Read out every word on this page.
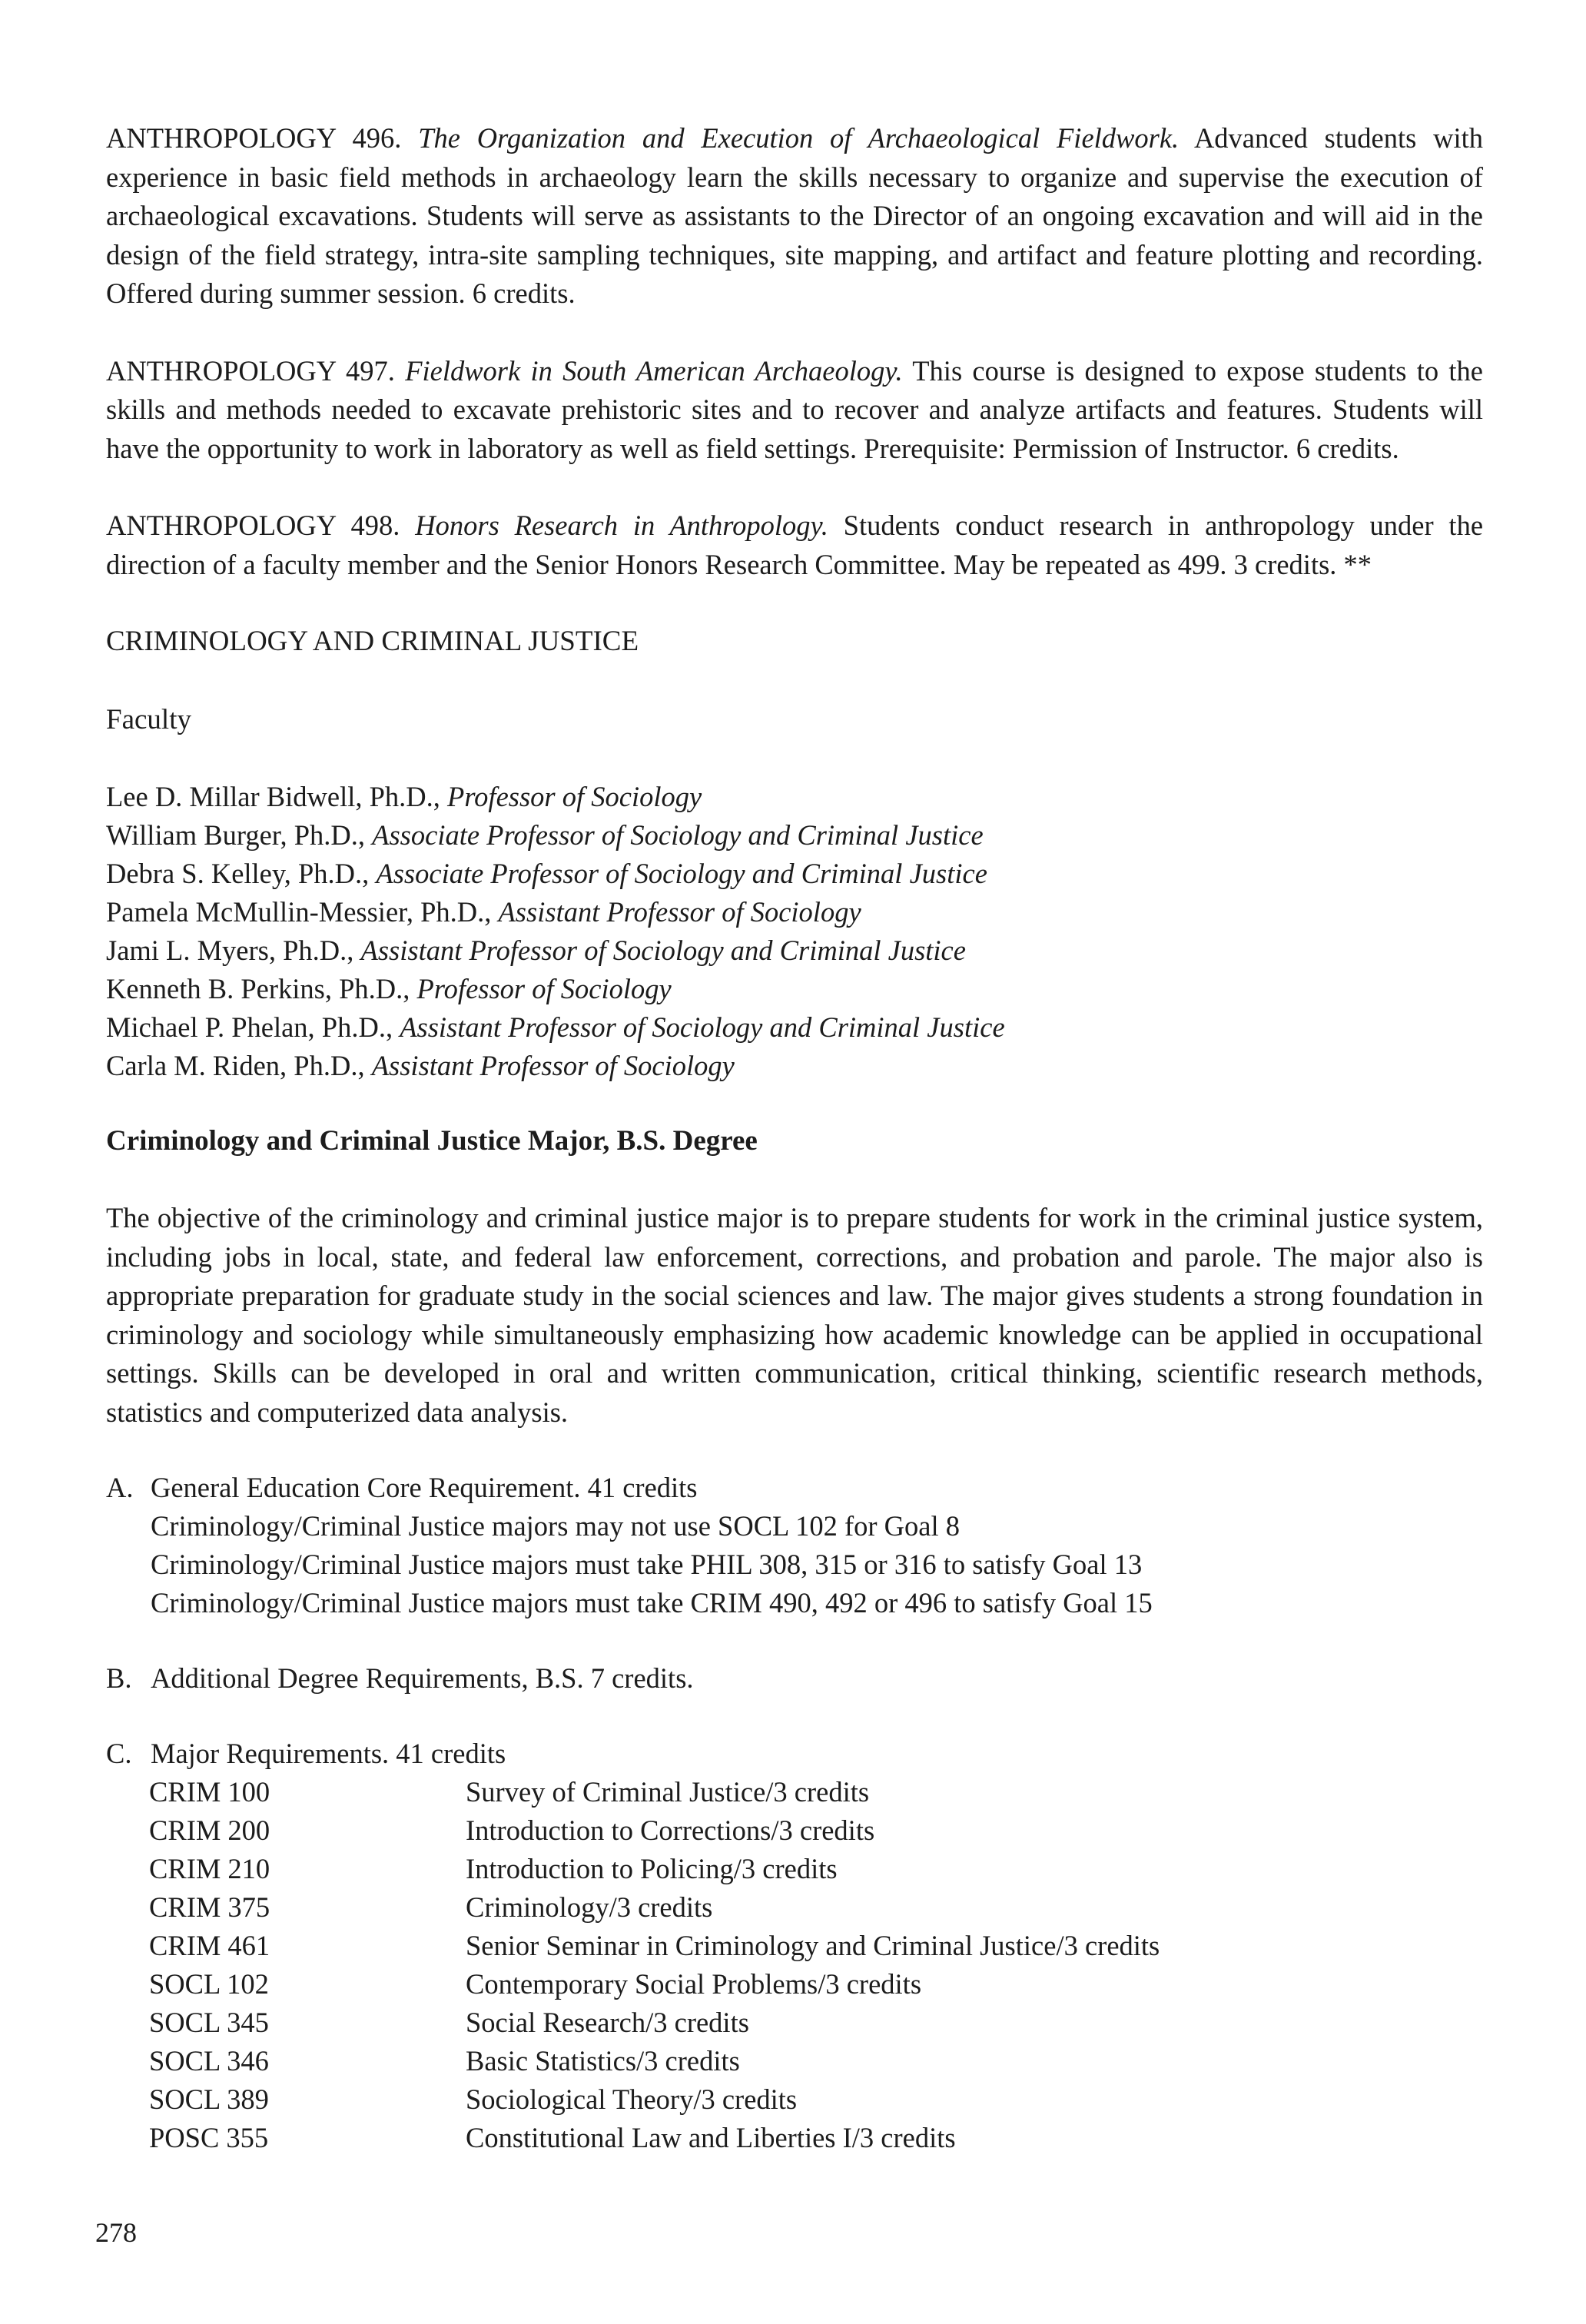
ANTHROPOLOGY 496. The Organization and Execution of Archaeological Fieldwork. Advanced students with experience in basic field methods in archaeology learn the skills necessary to organize and supervise the execution of archaeological excavations. Students will serve as assistants to the Director of an ongoing excavation and will aid in the design of the field strategy, intra-site sampling techniques, site mapping, and artifact and feature plotting and recording. Offered during summer session. 6 credits.

ANTHROPOLOGY 497. Fieldwork in South American Archaeology. This course is designed to expose students to the skills and methods needed to excavate prehistoric sites and to recover and analyze artifacts and features. Students will have the opportunity to work in laboratory as well as field settings. Prerequisite: Permission of Instructor. 6 credits.

ANTHROPOLOGY 498. Honors Research in Anthropology. Students conduct research in anthropology under the direction of a faculty member and the Senior Honors Research Committee. May be repeated as 499. 3 credits. **

CRIMINOLOGY AND CRIMINAL JUSTICE
Faculty
Lee D. Millar Bidwell, Ph.D., Professor of Sociology
William Burger, Ph.D., Associate Professor of Sociology and Criminal Justice
Debra S. Kelley, Ph.D., Associate Professor of Sociology and Criminal Justice
Pamela McMullin-Messier, Ph.D., Assistant Professor of Sociology
Jami L. Myers, Ph.D., Assistant Professor of Sociology and Criminal Justice
Kenneth B. Perkins, Ph.D., Professor of Sociology
Michael P. Phelan, Ph.D., Assistant Professor of Sociology and Criminal Justice
Carla M. Riden, Ph.D., Assistant Professor of Sociology
Criminology and Criminal Justice Major, B.S. Degree

The objective of the criminology and criminal justice major is to prepare students for work in the criminal justice system, including jobs in local, state, and federal law enforcement, corrections, and probation and parole. The major also is appropriate preparation for graduate study in the social sciences and law. The major gives students a strong foundation in criminology and sociology while simultaneously emphasizing how academic knowledge can be applied in occupational settings. Skills can be developed in oral and written communication, critical thinking, scientific research methods, statistics and computerized data analysis.

A. General Education Core Requirement. 41 credits
Criminology/Criminal Justice majors may not use SOCL 102 for Goal 8
Criminology/Criminal Justice majors must take PHIL 308, 315 or 316 to satisfy Goal 13
Criminology/Criminal Justice majors must take CRIM 490, 492 or 496 to satisfy Goal 15
B. Additional Degree Requirements, B.S. 7 credits.
C. Major Requirements. 41 credits
CRIM 100	Survey of Criminal Justice/3 credits
CRIM 200	Introduction to Corrections/3 credits
CRIM 210	Introduction to Policing/3 credits
CRIM 375	Criminology/3 credits
CRIM 461	Senior Seminar in Criminology and Criminal Justice/3 credits
SOCL 102	Contemporary Social Problems/3 credits
SOCL 345	Social Research/3 credits
SOCL 346	Basic Statistics/3 credits
SOCL 389	Sociological Theory/3 credits
POSC 355	Constitutional Law and Liberties I/3 credits
278
